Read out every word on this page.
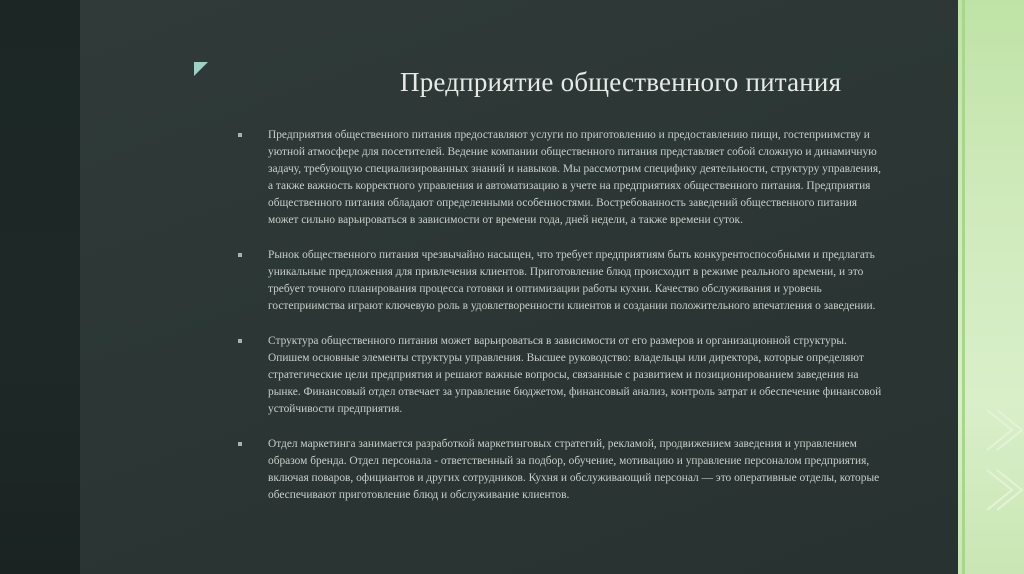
Предприятие общественного питания
Предприятия общественного питания предоставляют услуги по приготовлению и предоставлению пищи, гостеприимству и уютной атмосфере для посетителей. Ведение компании общественного питания представляет собой сложную и динамичную задачу, требующую специализированных знаний и навыков. Мы рассмотрим специфику деятельности, структуру управления, а также важность корректного управления и автоматизацию в учете на предприятиях общественного питания. Предприятия общественного питания обладают определенными особенностями. Востребованность заведений общественного питания может сильно варьироваться в зависимости от времени года, дней недели, а также времени суток.
Рынок общественного питания чрезвычайно насыщен, что требует предприятиям быть конкурентоспособными и предлагать уникальные предложения для привлечения клиентов. Приготовление блюд происходит в режиме реального времени, и это требует точного планирования процесса готовки и оптимизации работы кухни. Качество обслуживания и уровень гостеприимства играют ключевую роль в удовлетворенности клиентов и создании положительного впечатления о заведении.
Структура общественного питания может варьироваться в зависимости от его размеров и организационной структуры. Опишем основные элементы структуры управления. Высшее руководство: владельцы или директора, которые определяют стратегические цели предприятия и решают важные вопросы, связанные с развитием и позиционированием заведения на рынке. Финансовый отдел отвечает за управление бюджетом, финансовый анализ, контроль затрат и обеспечение финансовой устойчивости предприятия.
Отдел маркетинга занимается разработкой маркетинговых стратегий, рекламой, продвижением заведения и управлением образом бренда. Отдел персонала - ответственный за подбор, обучение, мотивацию и управление персоналом предприятия, включая поваров, официантов и других сотрудников. Кухня и обслуживающий персонал — это оперативные отделы, которые обеспечивают приготовление блюд и обслуживание клиентов.
